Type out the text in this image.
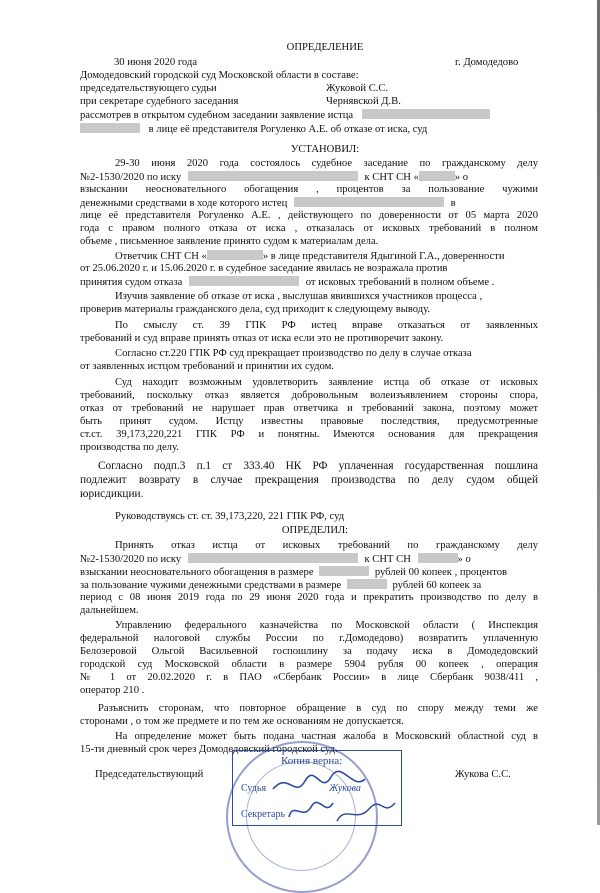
ОПРЕДЕЛЕНИЕ
30 июня 2020 года	г. Домодедово
Домодедовский городской суд Московской области в составе:
председательствующего судьи	Жуковой С.С.
при секретаре судебного заседания	Чернявской Д.В.
рассмотрев в открытом судебном заседании заявление истца
в лице её представителя Рогуленко А.Е. об отказе от иска, суд
УСТАНОВИЛ:
29-30 июня 2020 года состоялось судебное заседание по гражданскому делу
№2-1530/2020 по иску	к СНТ СН «	» о
взыскании неосновательного обогащения , процентов за пользование чужими
денежными средствами в ходе которого истец	в
лице её представителя Рогуленко А.Е. , действующего по доверенности от 05 марта 2020
года с правом полного отказа от иска , отказалась от исковых требований в полном
объеме , письменное заявление принято судом к материалам дела.
Ответчик СНТ СН «	» в лице представителя Ядыгиной Г.А., доверенности
от 25.06.2020 г. и 15.06.2020 г. в судебное заседание явилась не возражала против
принятия судом отказа	от исковых требований в полном объеме .
Изучив заявление об отказе от иска , выслушав явившихся участников процесса ,
проверив материалы гражданского дела, суд приходит к следующему выводу.
По смыслу ст. 39 ГПК РФ истец вправе отказаться от заявленных
требований и суд вправе принять отказ от иска если это не противоречит закону.
Согласно ст.220 ГПК РФ суд прекращает производство по делу в случае отказа
от заявленных истцом требований и принятии их судом.
Суд находит возможным удовлетворить заявление истца об отказе от исковых
требований, поскольку отказ является добровольным волеизъявлением стороны спора,
отказ от требований не нарушает прав ответчика и требований закона, поэтому может
быть принят судом. Истцу известны правовые последствия, предусмотренные
ст.ст. 39,173,220,221 ГПК РФ и понятны. Имеются основания для прекращения
производства по делу.
Согласно подп.3 п.1 ст 333.40 НК РФ уплаченная государственная пошлина
подлежит возврату в случае прекращения производства по делу судом общей
юрисдикции.
Руководствуясь ст. ст. 39,173,220, 221 ГПК РФ, суд
ОПРЕДЕЛИЛ:
Принять отказ истца от исковых требований по гражданскому делу
№2-1530/2020 по иску	к СНТ СН	» о
взыскании неосновательного обогащения в размере	рублей 00 копеек , процентов
за пользование чужими денежными средствами в размере	рублей 60 копеек за
период с 08 июня 2019 года по 29 июня 2020 года и прекратить производство по делу в
дальнейшем.
Управлению федерального казначейства по Московской области ( Инспекция
федеральной налоговой службы России по г.Домодедово) возвратить уплаченную
Белозеровой Ольгой Васильевной госпошлину за подачу иска в Домодедовский
городской суд Московской области в размере 5904 рубля 00 копеек , операция
№ 1 от 20.02.2020 г. в ПАО «Сбербанк России» в лице Сбербанк 9038/411 ,
оператор 210 .
Разъяснить сторонам, что повторное обращение в суд по спору между теми же
сторонами , о том же предмете и по тем же основаниям не допускается.
На определение может быть подана частная жалоба в Московский областной суд в
15-ти дневный срок через Домодедовский городской суд.
Председательствующий	Жукова С.С.
Копия верна:
Судья	Жукова
Секретарь
